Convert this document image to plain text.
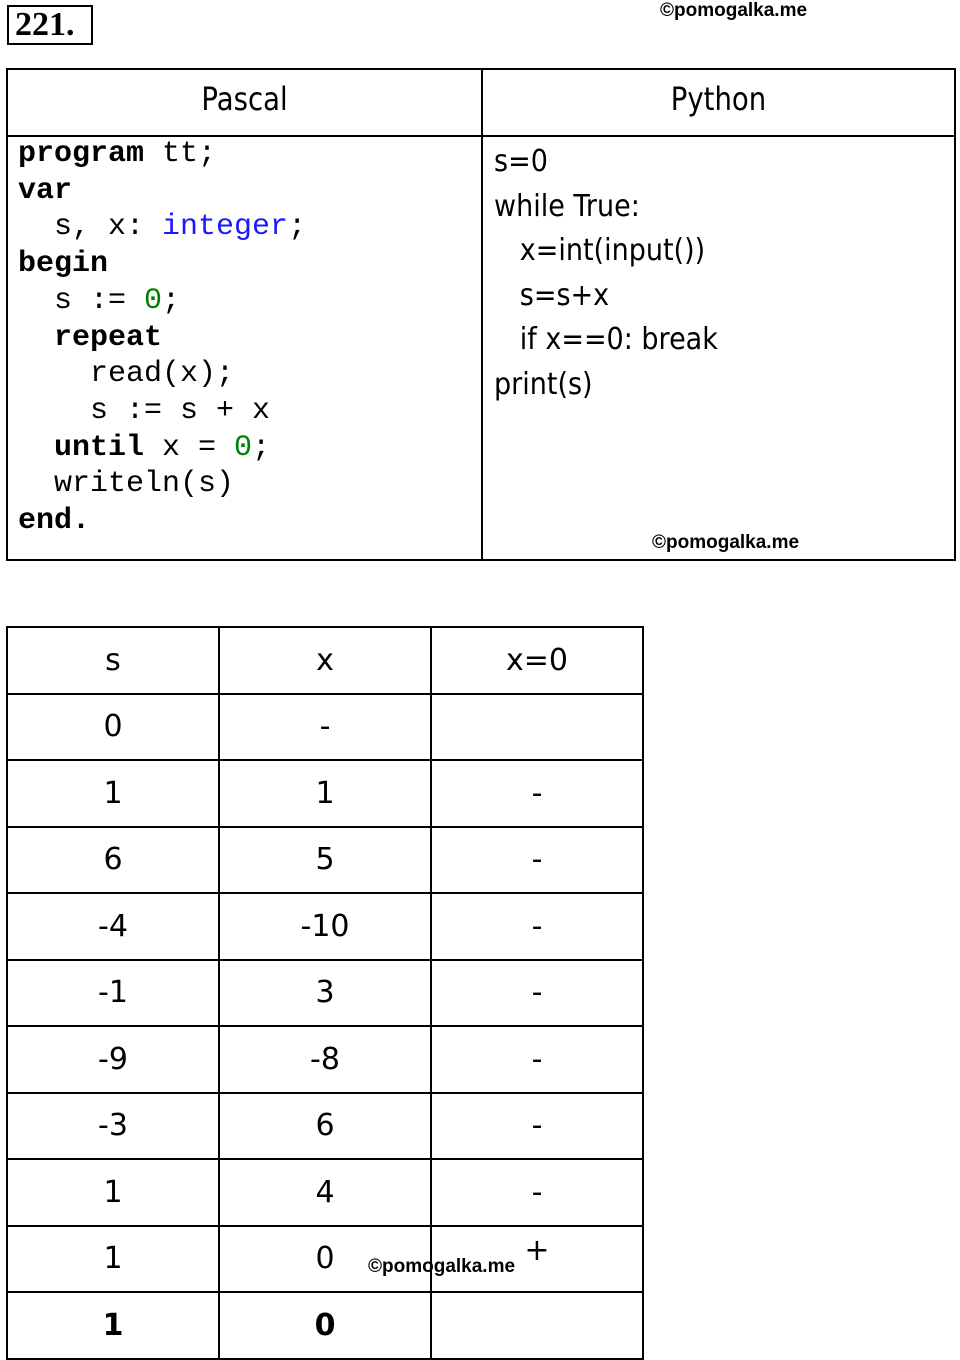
221.	©pomogalka.me
Pascal	Python
program tt;
var
s, x: integer;
begin
s := 0;
repeat
read(x);
s := s + x
until x = 0;
writeln(s)
end.
s=0
while True:
x=int(input())
s=s+x
if x==0: break
print(s)
©pomogalka.me
s	x	x=0
0	-	
1	1	-
6	5	-
-4	-10	-
-1	3	-
-9	-8	-
-3	6	-
1	4	-
1	0	+
1	0	
©pomogalka.me
